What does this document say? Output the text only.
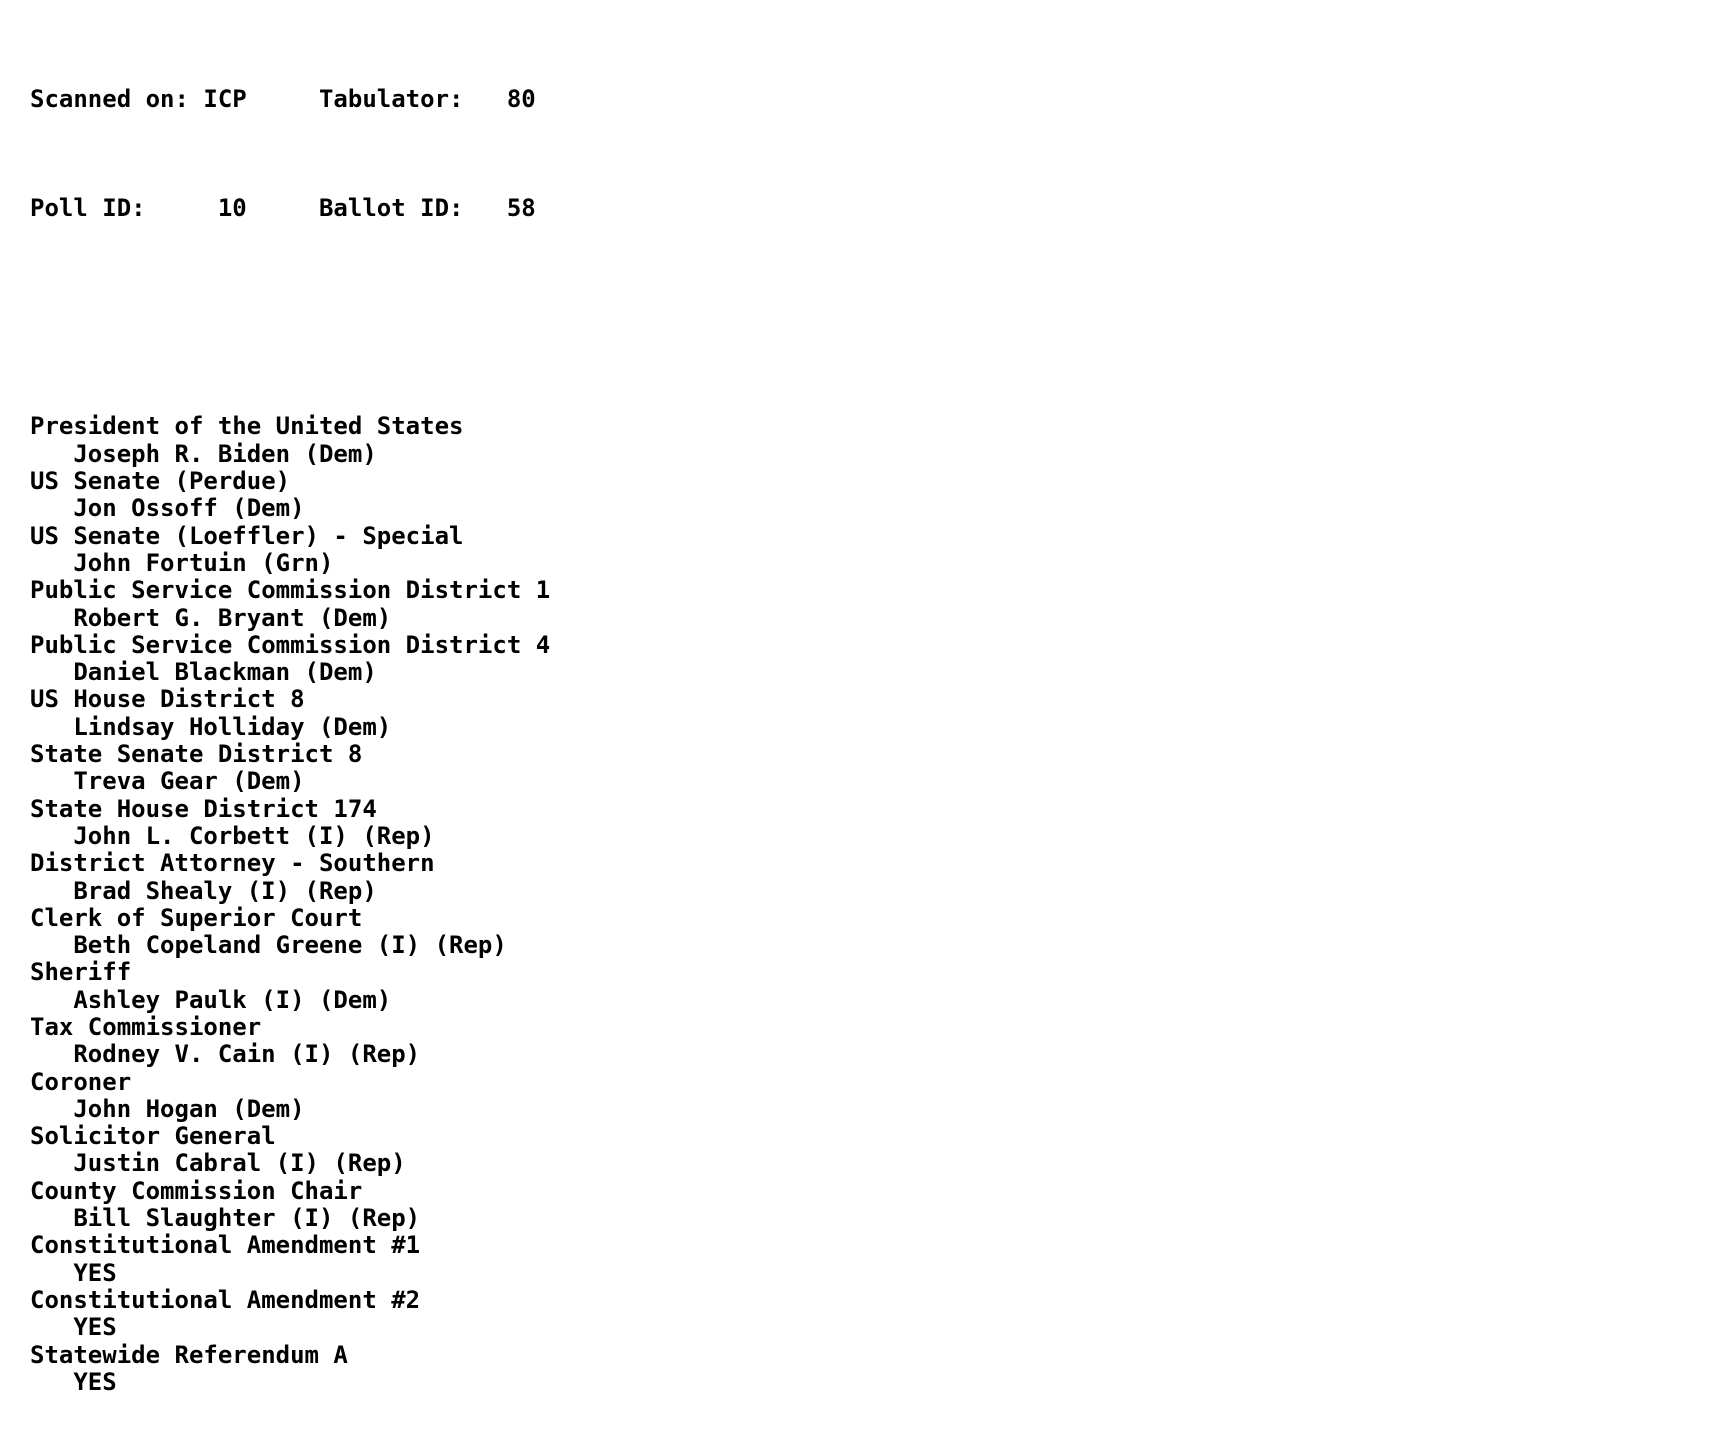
Scanned on:

ICP

	Tabulator:

80

Poll ID:

	10

	Ballot ID:

58

President of the United States
Joseph R. Biden (Dem)
US Senate (Perdue)
Jon Ossoff (Dem)
US Senate (Loeffler) - Special
John Fortuin (Grn)
Public Service Commission District 1
Robert G. Bryant (Dem)
Public Service Commission District 4
Daniel Blackman (Dem)
US House District 8
Lindsay Holliday (Dem)
State Senate District 8
Treva Gear (Dem)
State House District 174
John L. Corbett (I) (Rep)
District Attorney - Southern
Brad Shealy (I) (Rep)
Clerk of Superior Court
Beth Copeland Greene (I) (Rep)
Sheriff
Ashley Paulk (I) (Dem)
Tax Commissioner
Rodney V. Cain (I) (Rep)
Coroner
John Hogan (Dem)
Solicitor General
Justin Cabral (I) (Rep)
County Commission Chair
Bill Slaughter (I) (Rep)
Constitutional Amendment #1
YES
Constitutional Amendment #2
YES
Statewide Referendum A
YES
